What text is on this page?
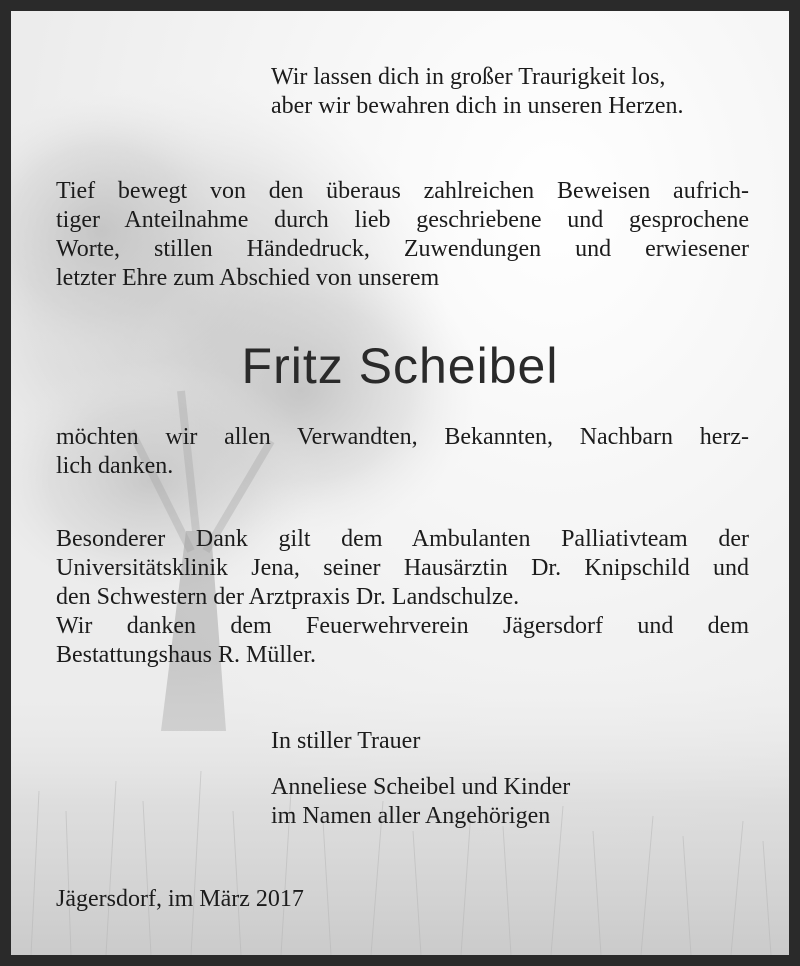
Wir lassen dich in großer Traurigkeit los,
aber wir bewahren dich in unseren Herzen.
Tief bewegt von den überaus zahlreichen Beweisen aufrich-
tiger Anteilnahme durch lieb geschriebene und gesprochene
Worte, stillen Händedruck, Zuwendungen und erwiesener
letzter Ehre zum Abschied von unserem
Fritz Scheibel
möchten wir allen Verwandten, Bekannten, Nachbarn herz-
lich danken.
Besonderer Dank gilt dem Ambulanten Palliativteam der
Universitätsklinik Jena, seiner Hausärztin Dr. Knipschild und
den Schwestern der Arztpraxis Dr. Landschulze.
Wir danken dem Feuerwehrverein Jägersdorf und dem
Bestattungshaus R. Müller.
In stiller Trauer
Anneliese Scheibel und Kinder
im Namen aller Angehörigen
Jägersdorf, im März 2017
